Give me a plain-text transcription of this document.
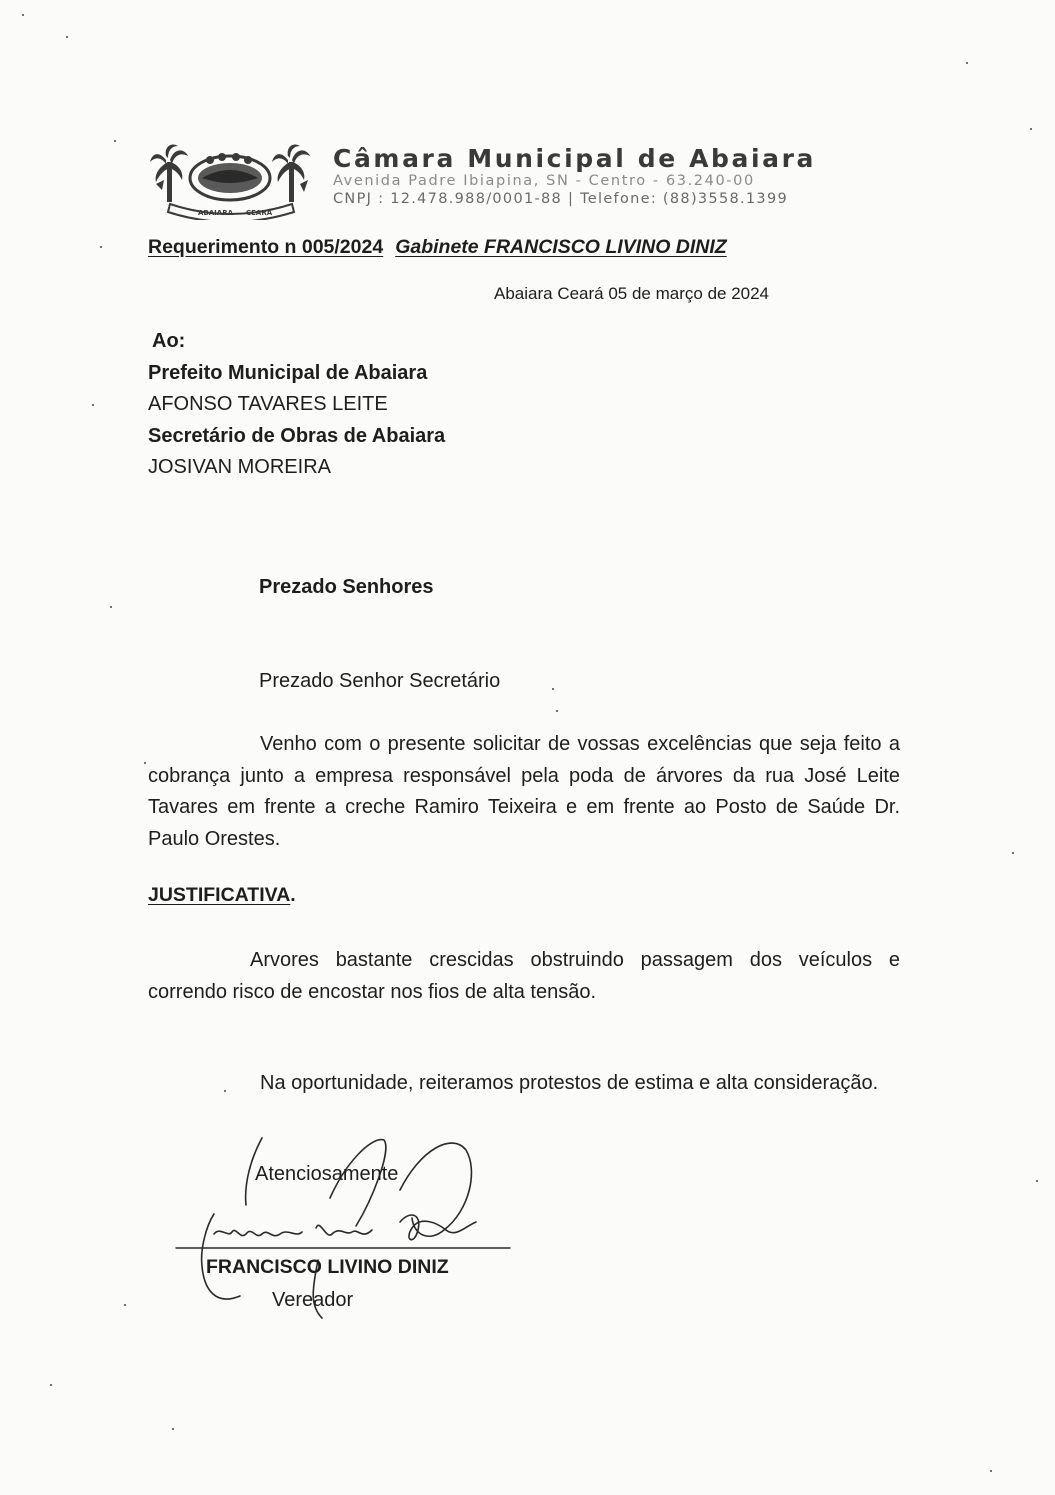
ABAIARA CEARÁ
Câmara Municipal de Abaiara
Avenida Padre Ibiapina, SN - Centro - 63.240-00
CNPJ : 12.478.988/0001-88 | Telefone: (88)3558.1399
Requerimento n 005/2024 Gabinete FRANCISCO LIVINO DINIZ
Abaiara Ceará 05 de março de 2024
Ao:
Prefeito Municipal de Abaiara
AFONSO TAVARES LEITE
Secretário de Obras de Abaiara
JOSIVAN MOREIRA
Prezado Senhores
Prezado Senhor Secretário
Venho com o presente solicitar de vossas excelências que seja feito a cobrança junto a empresa responsável pela poda de árvores da rua José Leite Tavares em frente a creche Ramiro Teixeira e em frente ao Posto de Saúde Dr. Paulo Orestes.
JUSTIFICATIVA.
Arvores bastante crescidas obstruindo passagem dos veículos e correndo risco de encostar nos fios de alta tensão.
Na oportunidade, reiteramos protestos de estima e alta consideração.
Atenciosamente
FRANCISCO LIVINO DINIZ
Vereador
